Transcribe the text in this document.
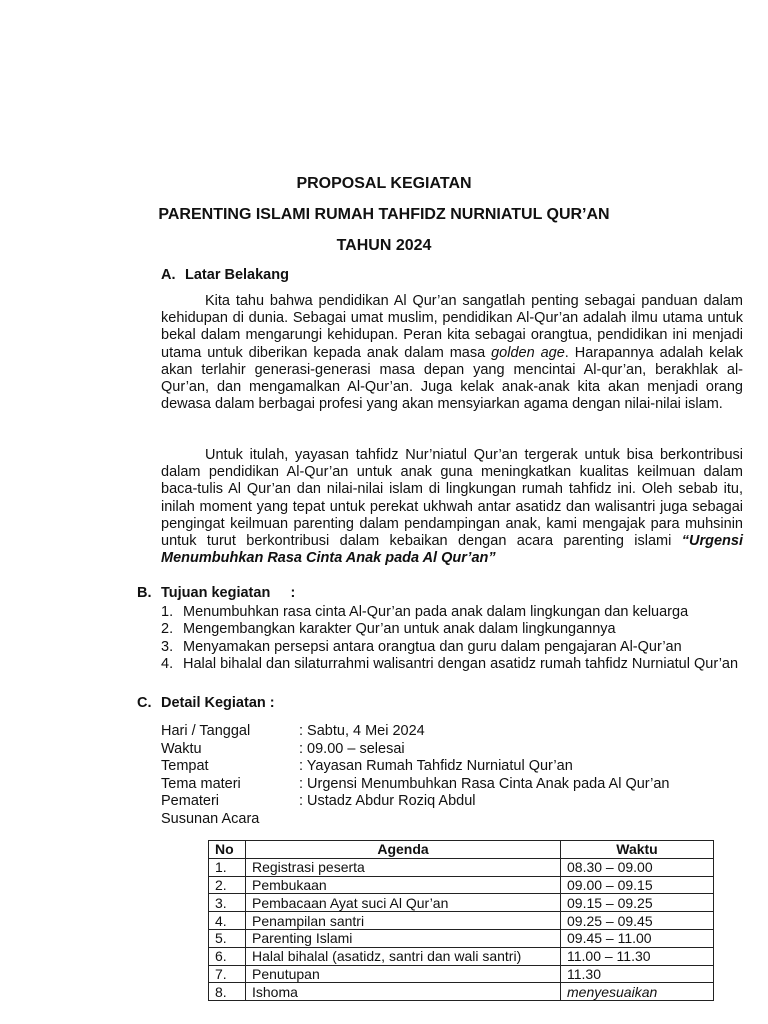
PROPOSAL KEGIATAN
PARENTING ISLAMI RUMAH TAHFIDZ NURNIATUL QUR’AN
TAHUN 2024
A. Latar Belakang
Kita tahu bahwa pendidikan Al Qur’an sangatlah penting sebagai panduan dalam kehidupan di dunia. Sebagai umat muslim, pendidikan Al-Qur’an adalah ilmu utama untuk bekal dalam mengarungi kehidupan. Peran kita sebagai orangtua, pendidikan ini menjadi utama untuk diberikan kepada anak dalam masa golden age. Harapannya adalah kelak akan terlahir generasi-generasi masa depan yang mencintai Al-qur’an, berakhlak al-Qur’an, dan mengamalkan Al-Qur’an. Juga kelak anak-anak kita akan menjadi orang dewasa dalam berbagai profesi yang akan mensyiarkan agama dengan nilai-nilai islam.
Untuk itulah, yayasan tahfidz Nur’niatul Qur’an tergerak untuk bisa berkontribusi dalam pendidikan Al-Qur’an untuk anak guna meningkatkan kualitas keilmuan dalam baca-tulis Al Qur’an dan nilai-nilai islam di lingkungan rumah tahfidz ini. Oleh sebab itu, inilah moment yang tepat untuk perekat ukhwah antar asatidz dan walisantri juga sebagai pengingat keilmuan parenting dalam pendampingan anak, kami mengajak para muhsinin untuk turut berkontribusi dalam kebaikan dengan acara parenting islami “Urgensi Menumbuhkan Rasa Cinta Anak pada Al Qur’an”
B. Tujuan kegiatan     :
1. Menumbuhkan rasa cinta Al-Qur’an pada anak dalam lingkungan dan keluarga
2. Mengembangkan karakter Qur’an untuk anak dalam lingkungannya
3. Menyamakan persepsi antara orangtua dan guru dalam pengajaran Al-Qur’an
4. Halal bihalal dan silaturrahmi walisantri dengan asatidz rumah tahfidz Nurniatul Qur’an
C. Detail Kegiatan :
Hari / Tanggal	: Sabtu, 4 Mei 2024
Waktu	: 09.00 – selesai
Tempat	: Yayasan Rumah Tahfidz Nurniatul Qur’an
Tema materi	: Urgensi Menumbuhkan Rasa Cinta Anak pada Al Qur’an
Pemateri	: Ustadz Abdur Roziq Abdul
Susunan Acara
No	Agenda	Waktu
1.	Registrasi peserta	08.30 – 09.00
2.	Pembukaan	09.00 – 09.15
3.	Pembacaan Ayat suci Al Qur’an	09.15 – 09.25
4.	Penampilan santri	09.25 – 09.45
5.	Parenting Islami	09.45 – 11.00
6.	Halal bihalal (asatidz, santri dan wali santri)	11.00 – 11.30
7.	Penutupan	11.30
8.	Ishoma	menyesuaikan
